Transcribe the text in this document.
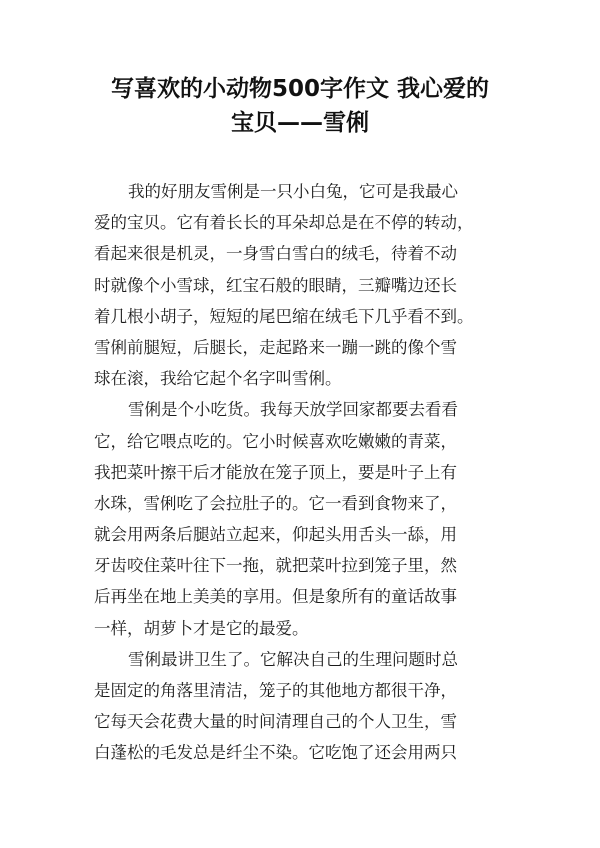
写喜欢的小动物500字作文 我心爱的
宝贝——雪俐

我的好朋友雪俐是一只小白兔，它可是我最心

爱的宝贝。它有着长长的耳朵却总是在不停的转动，

看起来很是机灵，一身雪白雪白的绒毛，待着不动

时就像个小雪球，红宝石般的眼睛，三瓣嘴边还长

着几根小胡子，短短的尾巴缩在绒毛下几乎看不到。

雪俐前腿短，后腿长，走起路来一蹦一跳的像个雪

球在滚，我给它起个名字叫雪俐。

雪俐是个小吃货。我每天放学回家都要去看看

它，给它喂点吃的。它小时候喜欢吃嫩嫩的青菜，

我把菜叶擦干后才能放在笼子顶上，要是叶子上有

水珠，雪俐吃了会拉肚子的。它一看到食物来了，

就会用两条后腿站立起来，仰起头用舌头一舔，用

牙齿咬住菜叶往下一拖，就把菜叶拉到笼子里，然

后再坐在地上美美的享用。但是象所有的童话故事

一样，胡萝卜才是它的最爱。

雪俐最讲卫生了。它解决自己的生理问题时总

是固定的角落里清洁，笼子的其他地方都很干净，

它每天会花费大量的时间清理自己的个人卫生，雪

白蓬松的毛发总是纤尘不染。它吃饱了还会用两只
